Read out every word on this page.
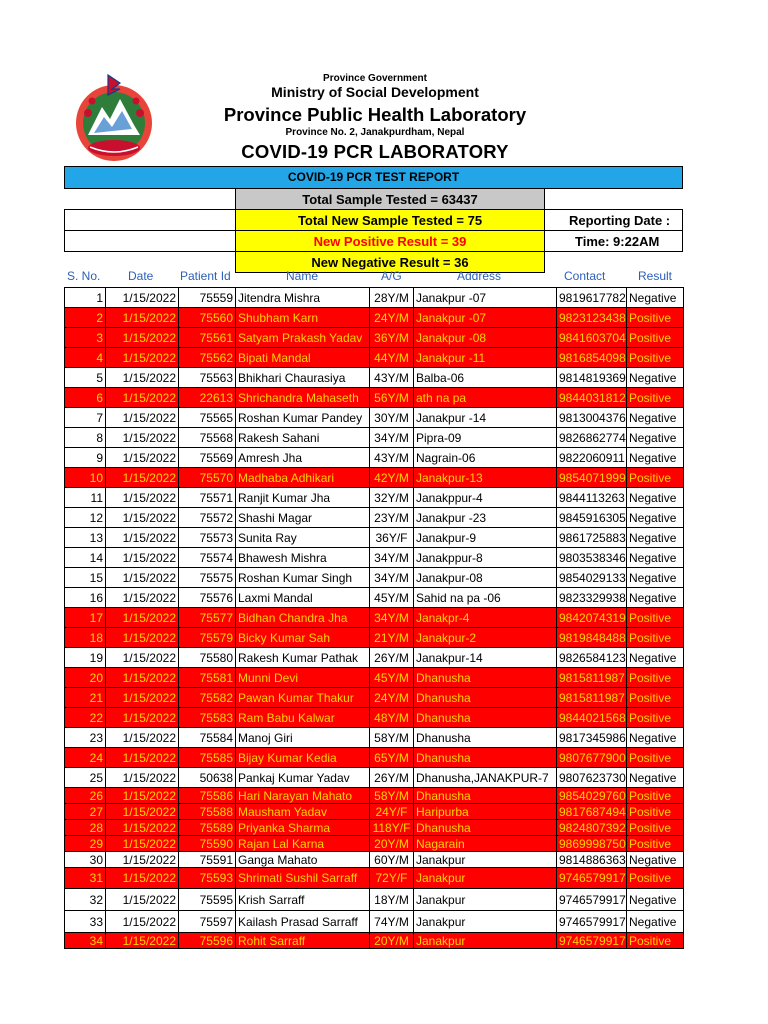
Province Government
Ministry of Social Development
Province Public Health Laboratory
Province No. 2, Janakpurdham, Nepal
COVID-19 PCR LABORATORY
COVID-19 PCR TEST REPORT		
	Total Sample Tested = 63437	
	Total New Sample Tested = 75	Reporting Date :
	New Positive Result = 39	Time: 9:22AM
	New Negative Result = 36	
S. No. Date Patient Id	Name	A/G	Address	Contact	Result
1	1/15/2022	75559	Jitendra Mishra	28Y/M	Janakpur -07	9819617782	Negative
2	1/15/2022	75560	Shubham Karn	24Y/M	Janakpur -07	9823123438	Positive
3	1/15/2022	75561	Satyam Prakash Yadav	36Y/M	Janakpur -08	9841603704	Positive
4	1/15/2022	75562	Bipati Mandal	44Y/M	Janakpur -11	9816854098	Positive
5	1/15/2022	75563	Bhikhari Chaurasiya	43Y/M	Balba-06	9814819369	Negative
6	1/15/2022	22613	Shrichandra Mahaseth	56Y/M	ath na pa	9844031812	Positive
7	1/15/2022	75565	Roshan Kumar Pandey	30Y/M	Janakpur -14	9813004376	Negative
8	1/15/2022	75568	Rakesh Sahani	34Y/M	Pipra-09	9826862774	Negative
9	1/15/2022	75569	Amresh Jha	43Y/M	Nagrain-06	9822060911	Negative
10	1/15/2022	75570	Madhaba Adhikari	42Y/M	Janakpur-13	9854071999	Positive
11	1/15/2022	75571	Ranjit Kumar Jha	32Y/M	Janakppur-4	9844113263	Negative
12	1/15/2022	75572	Shashi Magar	23Y/M	Janakpur -23	9845916305	Negative
13	1/15/2022	75573	Sunita Ray	36Y/F	Janakpur-9	9861725883	Negative
14	1/15/2022	75574	Bhawesh Mishra	34Y/M	Janakppur-8	9803538346	Negative
15	1/15/2022	75575	Roshan Kumar Singh	34Y/M	Janakpur-08	9854029133	Negative
16	1/15/2022	75576	Laxmi Mandal	45Y/M	Sahid na pa -06	9823329938	Negative
17	1/15/2022	75577	Bidhan Chandra Jha	34Y/M	Janakpr-4	9842074319	Positive
18	1/15/2022	75579	Bicky Kumar Sah	21Y/M	Janakpur-2	9819848488	Positive
19	1/15/2022	75580	Rakesh Kumar Pathak	26Y/M	Janakpur-14	9826584123	Negative
20	1/15/2022	75581	Munni Devi	45Y/M	Dhanusha	9815811987	Positive
21	1/15/2022	75582	Pawan Kumar Thakur	24Y/M	Dhanusha	9815811987	Positive
22	1/15/2022	75583	Ram Babu Kalwar	48Y/M	Dhanusha	9844021568	Positive
23	1/15/2022	75584	Manoj Giri	58Y/M	Dhanusha	9817345986	Negative
24	1/15/2022	75585	Bijay Kumar Kedia	65Y/M	Dhanusha	9807677900	Positive
25	1/15/2022	50638	Pankaj Kumar Yadav	26Y/M	Dhanusha,JANAKPUR-7	9807623730	Negative
26	1/15/2022	75586	Hari Narayan Mahato	58Y/M	Dhanusha	9854029760	Positive
27	1/15/2022	75588	Mausham Yadav	24Y/F	Haripurba	9817687494	Positive
28	1/15/2022	75589	Priyanka Sharma	118Y/F	Dhanusha	9824807392	Positive
29	1/15/2022	75590	Rajan Lal Karna	20Y/M	Nagarain	9869998750	Positive
30	1/15/2022	75591	Ganga Mahato	60Y/M	Janakpur	9814886363	Negative
31	1/15/2022	75593	Shrimati Sushil Sarraff	72Y/F	Janakpur	9746579917	Positive
32	1/15/2022	75595	Krish Sarraff	18Y/M	Janakpur	9746579917	Negative
33	1/15/2022	75597	Kailash Prasad Sarraff	74Y/M	Janakpur	9746579917	Negative
34	1/15/2022	75596	Rohit Sarraff	20Y/M	Janakpur	9746579917	Positive
